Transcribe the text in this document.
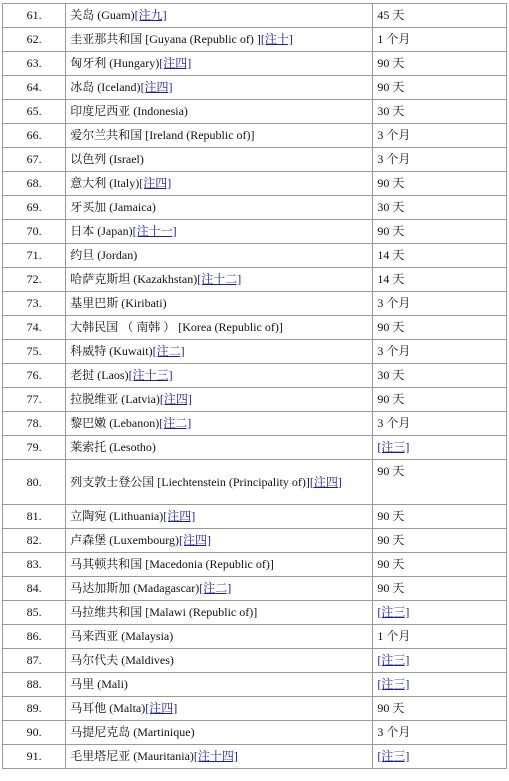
61.	关岛 (Guam)[注九]	45 天
62.	圭亚那共和国 [Guyana (Republic of) ][注十]	1 个月
63.	匈牙利 (Hungary)[注四]	90 天
64.	冰岛 (Iceland)[注四]	90 天
65.	印度尼西亚 (Indonesia)	30 天
66.	爱尔兰共和国 [Ireland (Republic of)]	3 个月
67.	以色列 (Israel)	3 个月
68.	意大利 (Italy)[注四]	90 天
69.	牙买加 (Jamaica)	30 天
70.	日本 (Japan)[注十一]	90 天
71.	约旦 (Jordan)	14 天
72.	哈萨克斯坦 (Kazakhstan)[注十二]	14 天
73.	基里巴斯 (Kiribati)	3 个月
74.	大韩民国 （ 南韩 ） [Korea (Republic of)]	90 天
75.	科威特 (Kuwait)[注二]	3 个月
76.	老挝 (Laos)[注十三]	30 天
77.	拉脱维亚 (Latvia)[注四]	90 天
78.	黎巴嫩 (Lebanon)[注二]	3 个月
79.	莱索托 (Lesotho)	[注三]
80.	列支敦士登公国 [Liechtenstein (Principality of)][注四]	90 天
81.	立陶宛 (Lithuania)[注四]	90 天
82.	卢森堡 (Luxembourg)[注四]	90 天
83.	马其顿共和国 [Macedonia (Republic of)]	90 天
84.	马达加斯加 (Madagascar)[注二]	90 天
85.	马拉维共和国 [Malawi (Republic of)]	[注三]
86.	马来西亚 (Malaysia)	1 个月
87.	马尔代夫 (Maldives)	[注三]
88.	马里 (Mali)	[注三]
89.	马耳他 (Malta)[注四]	90 天
90.	马提尼克岛 (Martinique)	3 个月
91.	毛里塔尼亚 (Mauritania)[注十四]	[注三]
